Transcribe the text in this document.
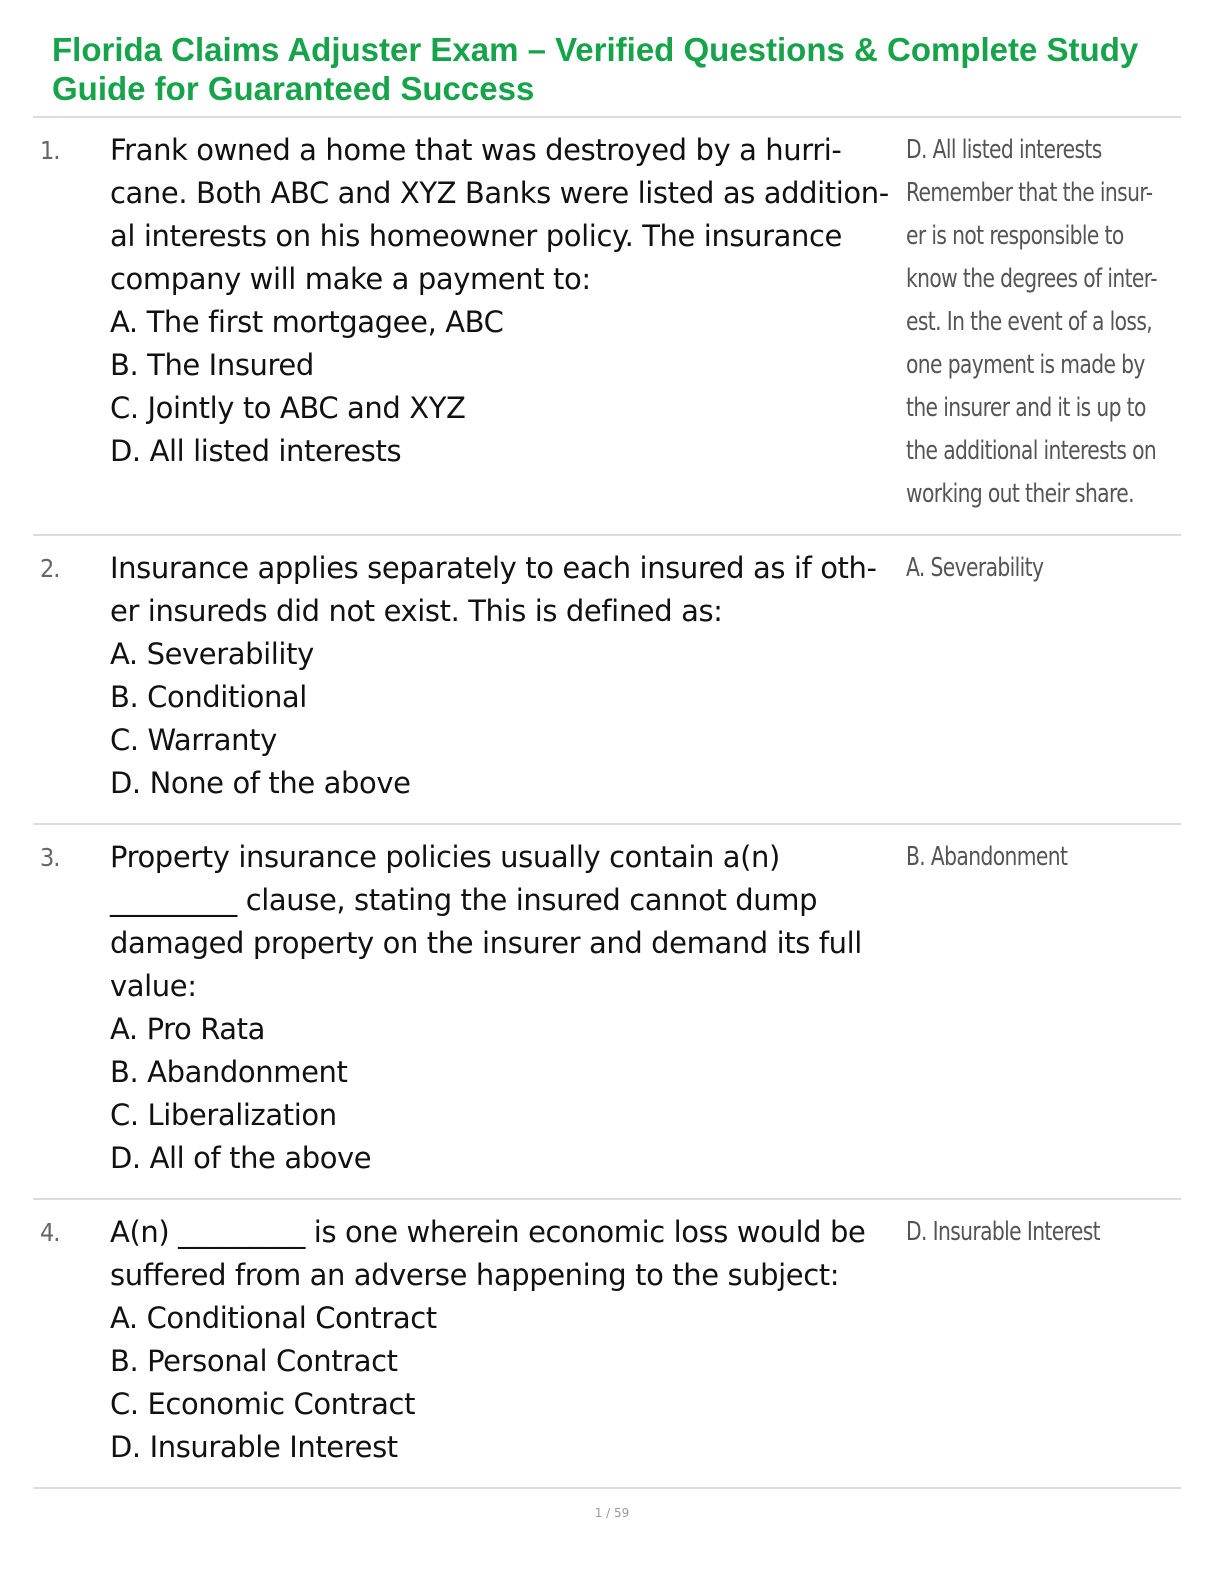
Florida Claims Adjuster Exam – Verified Questions & Complete Study Guide for Guaranteed Success
1. Frank owned a home that was destroyed by a hurri-

cane. Both ABC and XYZ Banks were listed as addition-

al interests on his homeowner policy. The insurance

company will make a payment to:

A. The first mortgagee, ABC

B. The Insured

C. Jointly to ABC and XYZ

D. All listed interests

D. All listed interests
Remember that the insur-
er is not responsible to
know the degrees of inter-
est. In the event of a loss,
one payment is made by
the insurer and it is up to
the additional interests on
working out their share.
2. Insurance applies separately to each insured as if oth-

er insureds did not exist. This is defined as:

A. Severability

B. Conditional

C. Warranty

D. None of the above

A. Severability
3. Property insurance policies usually contain a(n)

_________ clause, stating the insured cannot dump

damaged property on the insurer and demand its full

value:

A. Pro Rata

B. Abandonment

C. Liberalization

D. All of the above

B. Abandonment
4. A(n) _________ is one wherein economic loss would be

suffered from an adverse happening to the subject:

A. Conditional Contract

B. Personal Contract

C. Economic Contract

D. Insurable Interest

D. Insurable Interest
1 / 59
